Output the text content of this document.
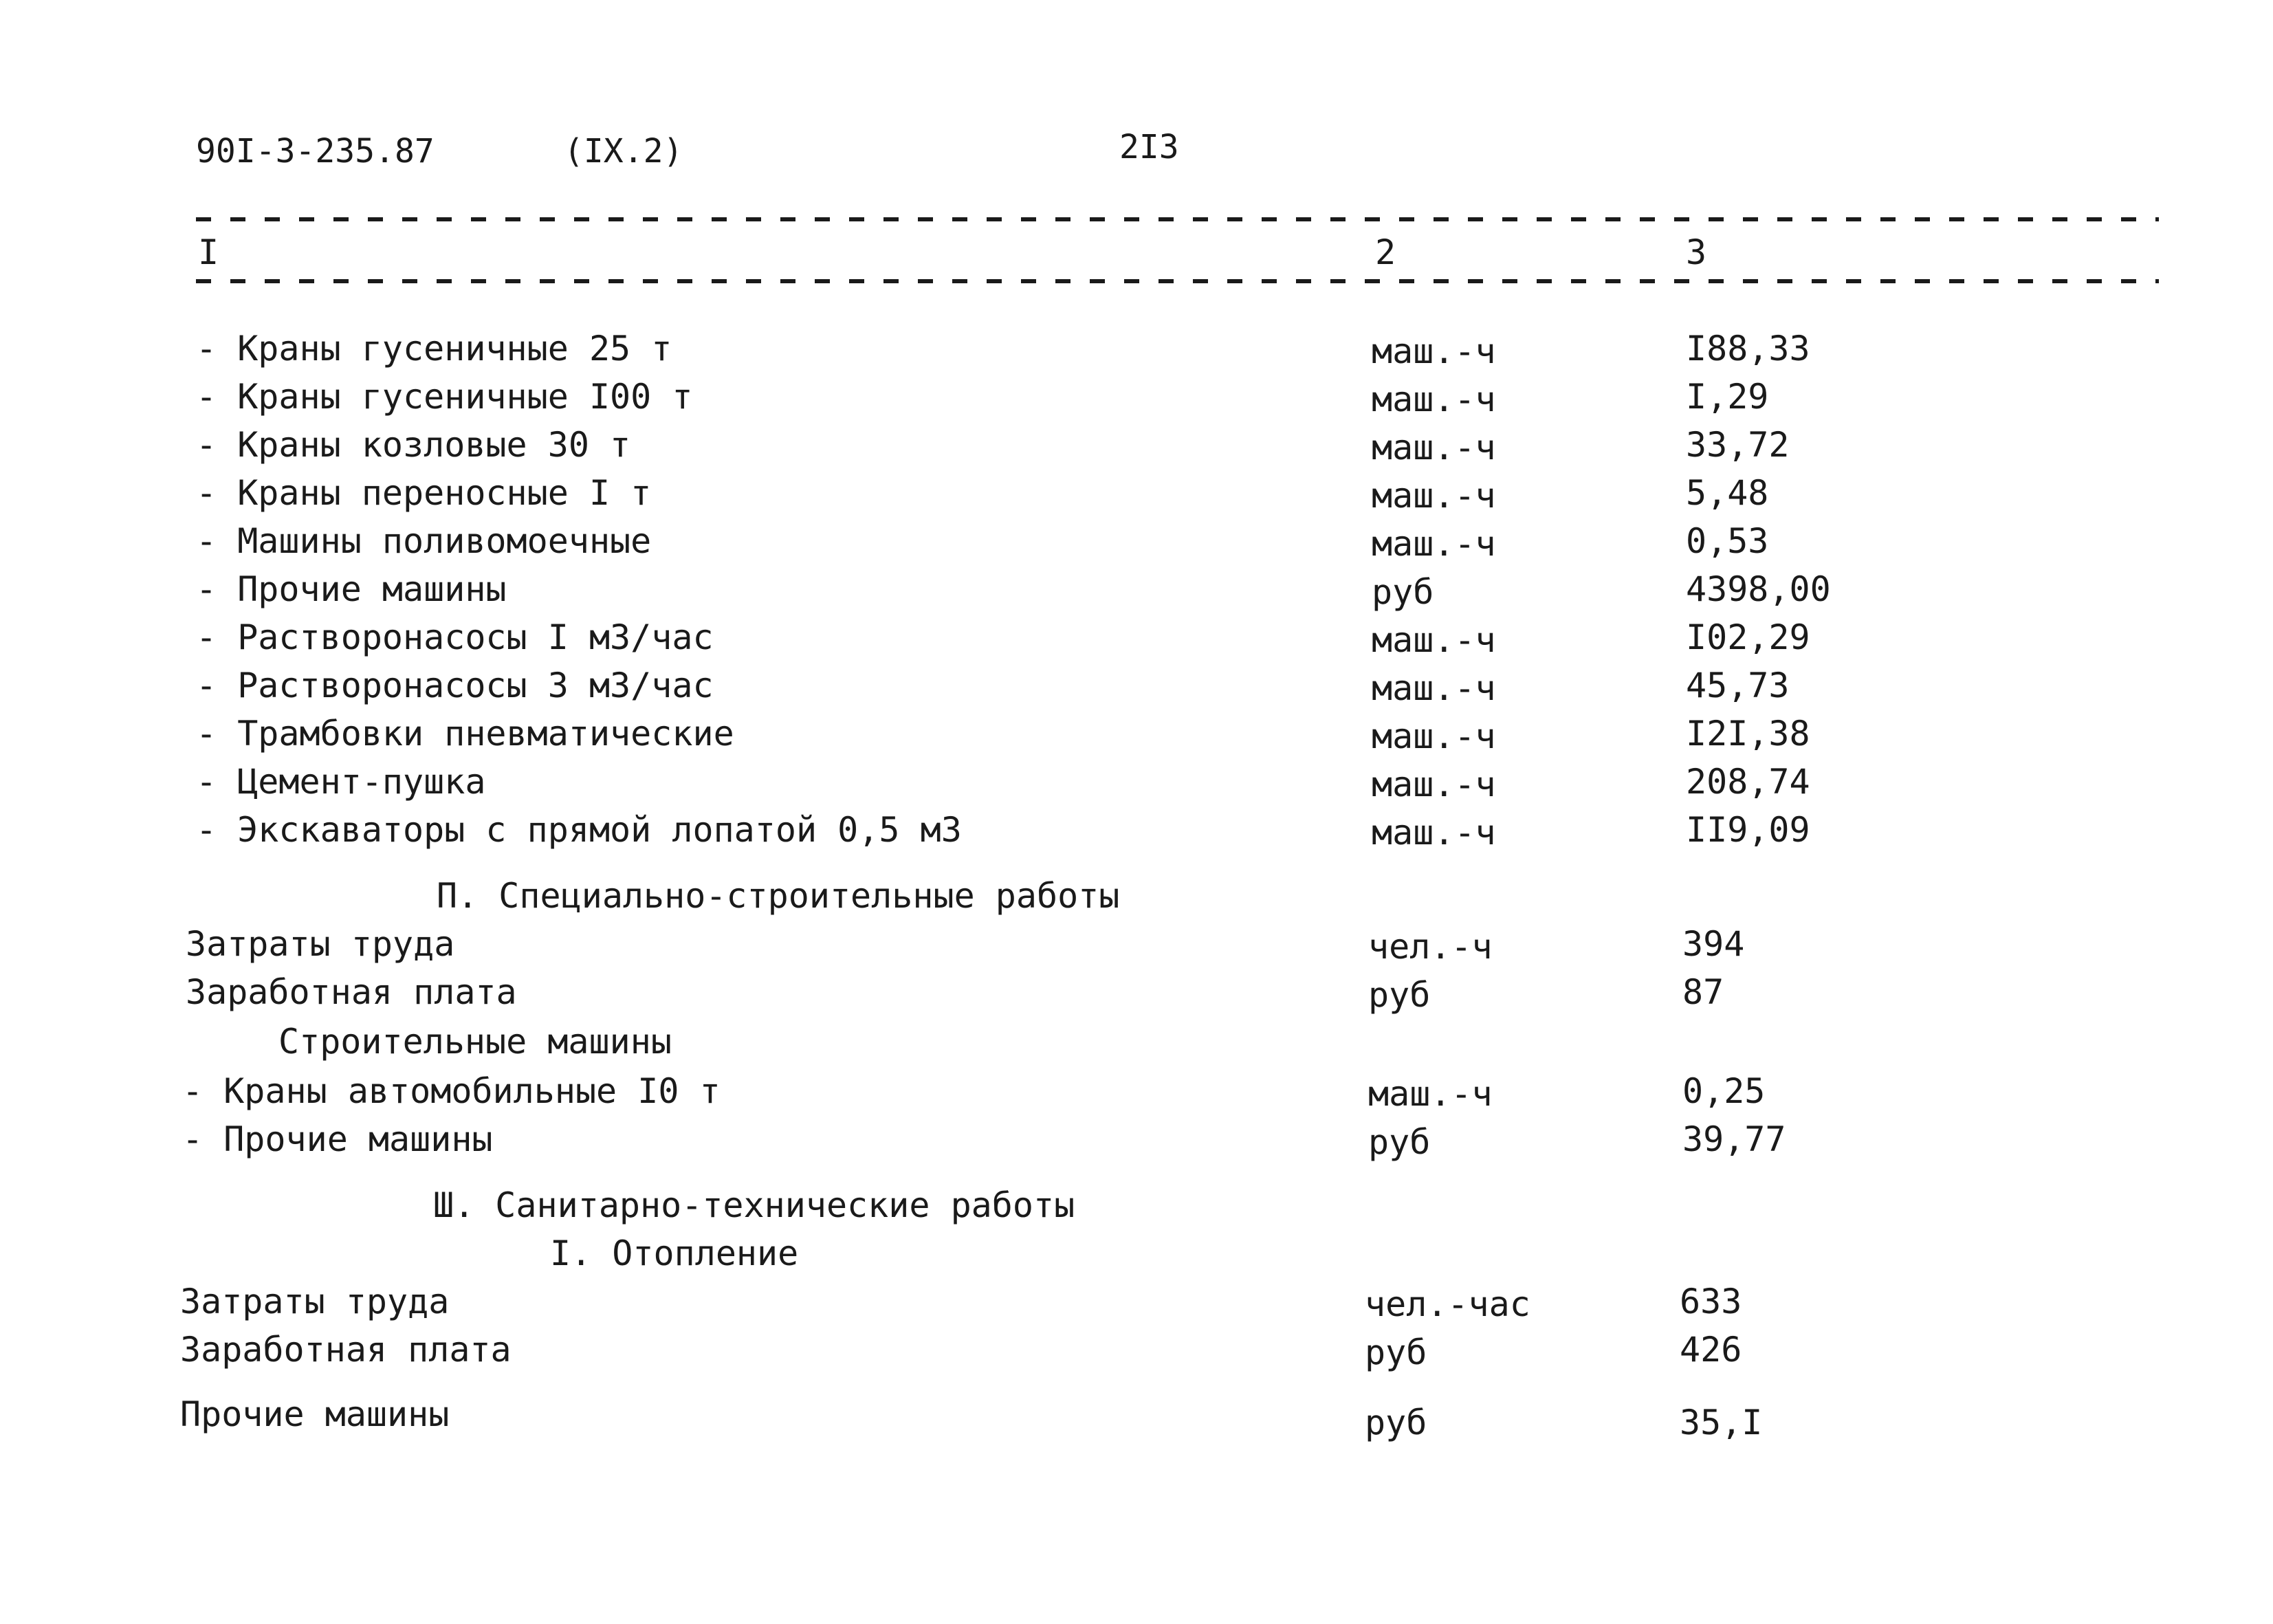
90I-3-235.87	(IX.2)	2I3
I	2	3
- Краны гусеничные 25 т	маш.-ч	I88,33
- Краны гусеничные I00 т	маш.-ч	I,29
- Краны козловые 30 т	маш.-ч	33,72
- Краны переносные I т	маш.-ч	5,48
- Машины поливомоечные	маш.-ч	0,53
- Прочие машины	руб	4398,00
- Растворонасосы I м3/час	маш.-ч	I02,29
- Растворонасосы 3 м3/час	маш.-ч	45,73
- Трамбовки пневматические	маш.-ч	I2I,38
- Цемент-пушка	маш.-ч	208,74
- Экскаваторы с прямой лопатой 0,5 м3	маш.-ч	II9,09
П. Специально-строительные работы
Затраты труда	чел.-ч	394
Заработная плата	руб	87
Строительные машины
- Краны автомобильные I0 т	маш.-ч	0,25
- Прочие машины	руб	39,77
Ш. Санитарно-технические работы
I. Отопление
Затраты труда	чел.-час	633
Заработная плата	руб	426
Прочие машины	руб	35,I
